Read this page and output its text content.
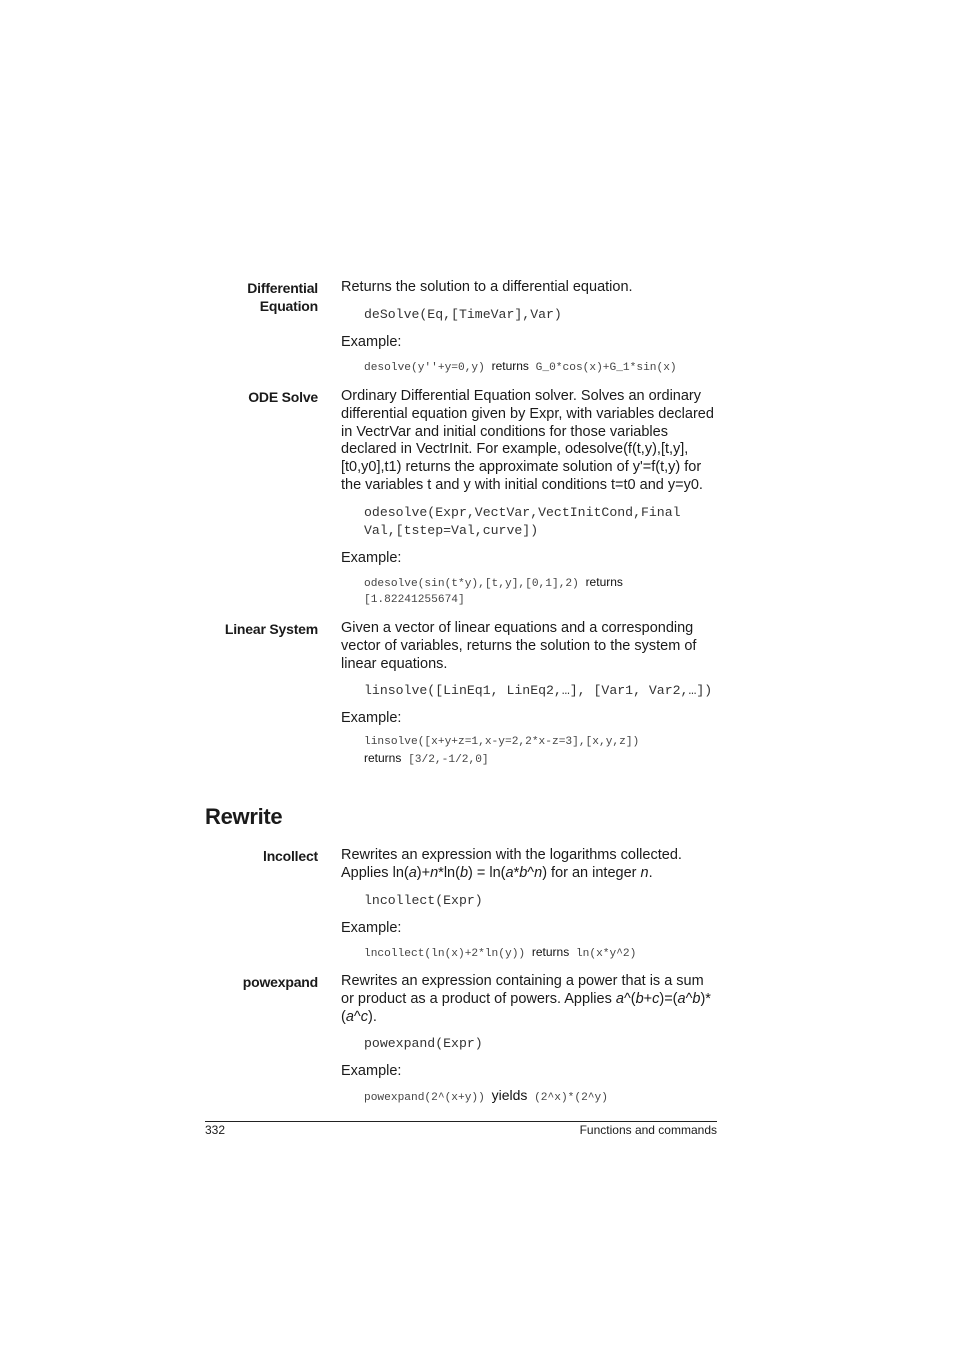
Differential Equation

Returns the solution to a differential equation.

deSolve(Eq,[TimeVar],Var)

Example:

desolve(y''+y=0,y) returns G_0*cos(x)+G_1*sin(x)

ODE Solve Ordinary Differential Equation solver. Solves an ordinary differential equation given by Expr, with variables declared in VectrVar and initial conditions for those variables declared in VectrInit. For example, odesolve(f(t,y),[t,y],[t0,y0],t1) returns the approximate solution of y'=f(t,y) for the variables t and y with initial conditions t=t0 and y=y0.

odesolve(Expr,VectVar,VectInitCond,Final Val,[tstep=Val,curve])

Example:

odesolve(sin(t*y),[t,y],[0,1],2) returns
[1.82241255674]

Linear System Given a vector of linear equations and a corresponding vector of variables, returns the solution to the system of linear equations.

linsolve([LinEq1, LinEq2,…], [Var1, Var2,…])

Example:

linsolve([x+y+z=1,x-y=2,2*x-z=3],[x,y,z])
returns [3/2,-1/2,0]

Rewrite
lncollect Rewrites an expression with the logarithms collected. Applies ln(a)+n*ln(b) = ln(a*b^n) for an integer n.

lncollect(Expr)

Example:

lncollect(ln(x)+2*ln(y)) returns ln(x*y^2)

powexpand Rewrites an expression containing a power that is a sum or product as a product of powers. Applies a^(b+c)=(a^b)*(a^c).

powexpand(Expr)

Example:

powexpand(2^(x+y)) yields (2^x)*(2^y)

332	Functions and commands
